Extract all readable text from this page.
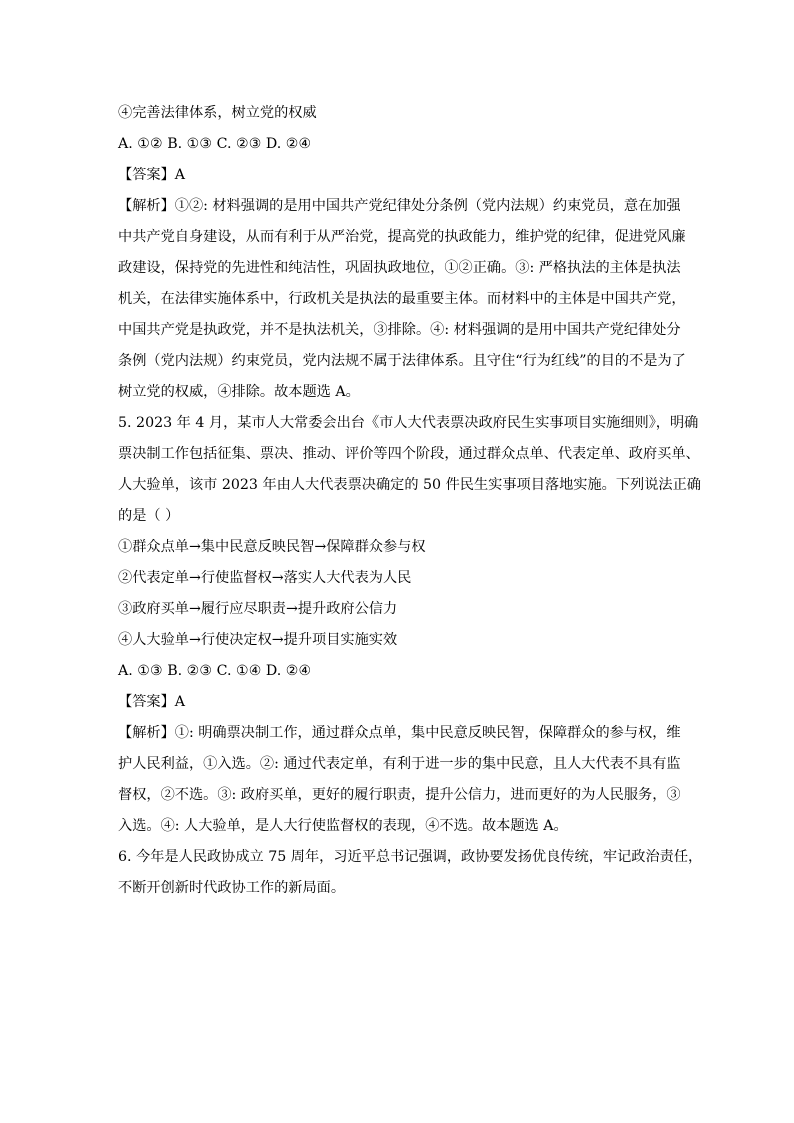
④完善法律体系，树立党的权威
A. ①② B. ①③ C. ②③ D. ②④
【答案】A
【解析】①②: 材料强调的是用中国共产党纪律处分条例（党内法规）约束党员，意在加强
中共产党自身建设，从而有利于从严治党，提高党的执政能力，维护党的纪律，促进党风廉
政建设，保持党的先进性和纯洁性，巩固执政地位，①②正确。③: 严格执法的主体是执法
机关，在法律实施体系中，行政机关是执法的最重要主体。而材料中的主体是中国共产党，
中国共产党是执政党，并不是执法机关，③排除。④: 材料强调的是用中国共产党纪律处分
条例（党内法规）约束党员，党内法规不属于法律体系。且守住“行为红线”的目的不是为了
树立党的权威，④排除。故本题选 A。
5. 2023 年 4 月，某市人大常委会出台《市人大代表票决政府民生实事项目实施细则》，明确
票决制工作包括征集、票决、推动、评价等四个阶段，通过群众点单、代表定单、政府买单、
人大验单，该市 2023 年由人大代表票决确定的 50 件民生实事项目落地实施。下列说法正确
的是（ ）
①群众点单→集中民意反映民智→保障群众参与权
②代表定单→行使监督权→落实人大代表为人民
③政府买单→履行应尽职责→提升政府公信力
④人大验单→行使决定权→提升项目实施实效
A. ①③ B. ②③ C. ①④ D. ②④
【答案】A
【解析】①: 明确票决制工作，通过群众点单，集中民意反映民智，保障群众的参与权，维
护人民利益，①入选。②: 通过代表定单，有利于进一步的集中民意，且人大代表不具有监
督权，②不选。③: 政府买单，更好的履行职责，提升公信力，进而更好的为人民服务，③
入选。④: 人大验单，是人大行使监督权的表现，④不选。故本题选 A。
6. 今年是人民政协成立 75 周年，习近平总书记强调，政协要发扬优良传统，牢记政治责任，
不断开创新时代政协工作的新局面。
